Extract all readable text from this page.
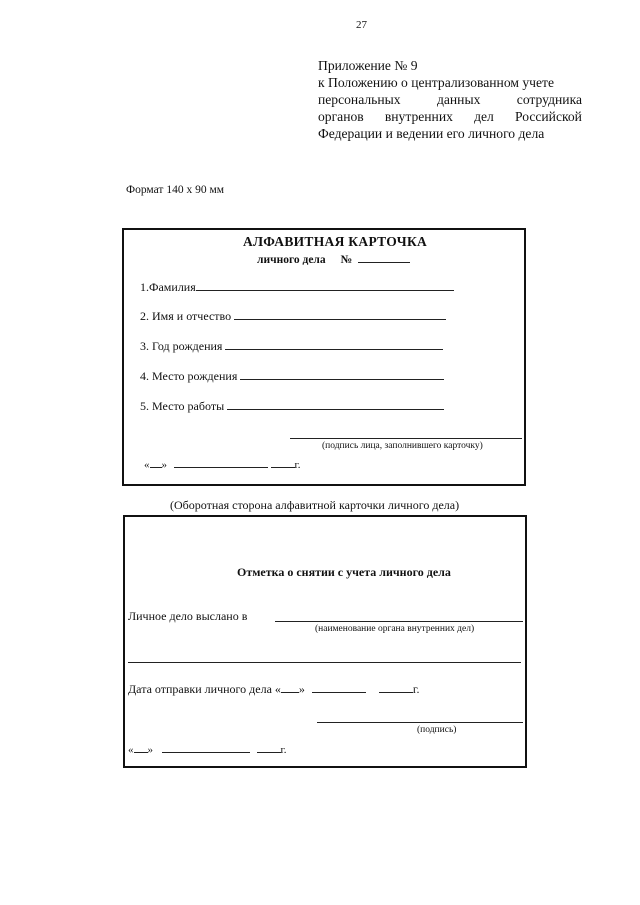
27
Приложение № 9
к Положению о централизованном учете
персональных	данных	сотрудника
органов внутренних дел Российской
Федерации и ведении его личного дела
Формат 140 х 90 мм
АЛФАВИТНАЯ КАРТОЧКА
личного дела №
1.Фамилия
2. Имя и отчество
3. Год рождения
4. Место рождения
5. Место работы
(подпись лица, заполнившего карточку)
« »	г.
(Оборотная сторона алфавитной карточки личного дела)
Отметка о снятии с учета личного дела
Личное дело выслано в
(наименование органа внутренних дел)
Дата отправки личного дела « »	г.
(подпись)
« »	г.
